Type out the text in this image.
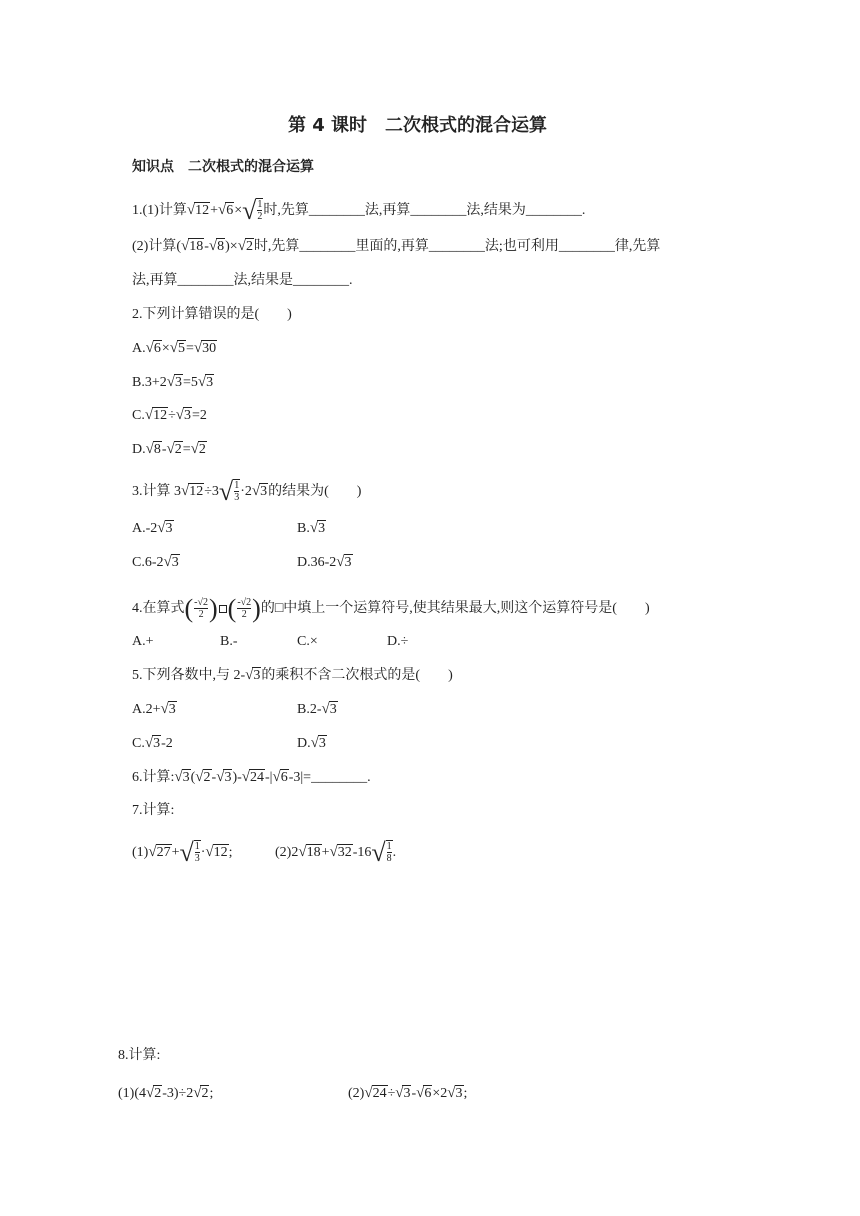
第 4 课时　二次根式的混合运算
知识点　二次根式的混合运算
1.(1)计算$√12+√6\times√ \frac{1}{2}$ 时,先算________法,再算________法,结果为________.
(2)计算(√18-√8)×√2时,先算________里面的,再算________法;也可利用________律,先算
法,再算________法,结果是________.
2.下列计算错误的是(　　)
A.√6×√5=√30
B.3+2√3=5√3
C.√12÷√3=2
D.√8-√2=√2
3.计算 $3√12\div 3√ \frac{1}{3} \cdot 2√3$的结果为(　　)
A.-2√3	B.√3
C.6-2√3	D.36-2√3
4.在算式( $\frac{-√2}{2}$ ) ( $\frac{-√2}{2}$ )的□中填上一个运算符号,使其结果最大,则这个运算符号是(　　)
A.+	B.-	C.×	D.÷
5.下列各数中,与 2-√3的乘积不含二次根式的是(　　)
A.2+√3	B.2-√3
C.√3-2	D.√3
6.计算:√3(√2-√3)-√24-|√6-3|=________.
7.计算:
$(1)√27+√ \frac{1}{3} \cdot√12$;	$(2)2√18+√32-16√ \frac{1}{8}$ .
8.计算:
(1)(4√2-3)÷2√2;	(2)√24÷√3-√6×2√3;
